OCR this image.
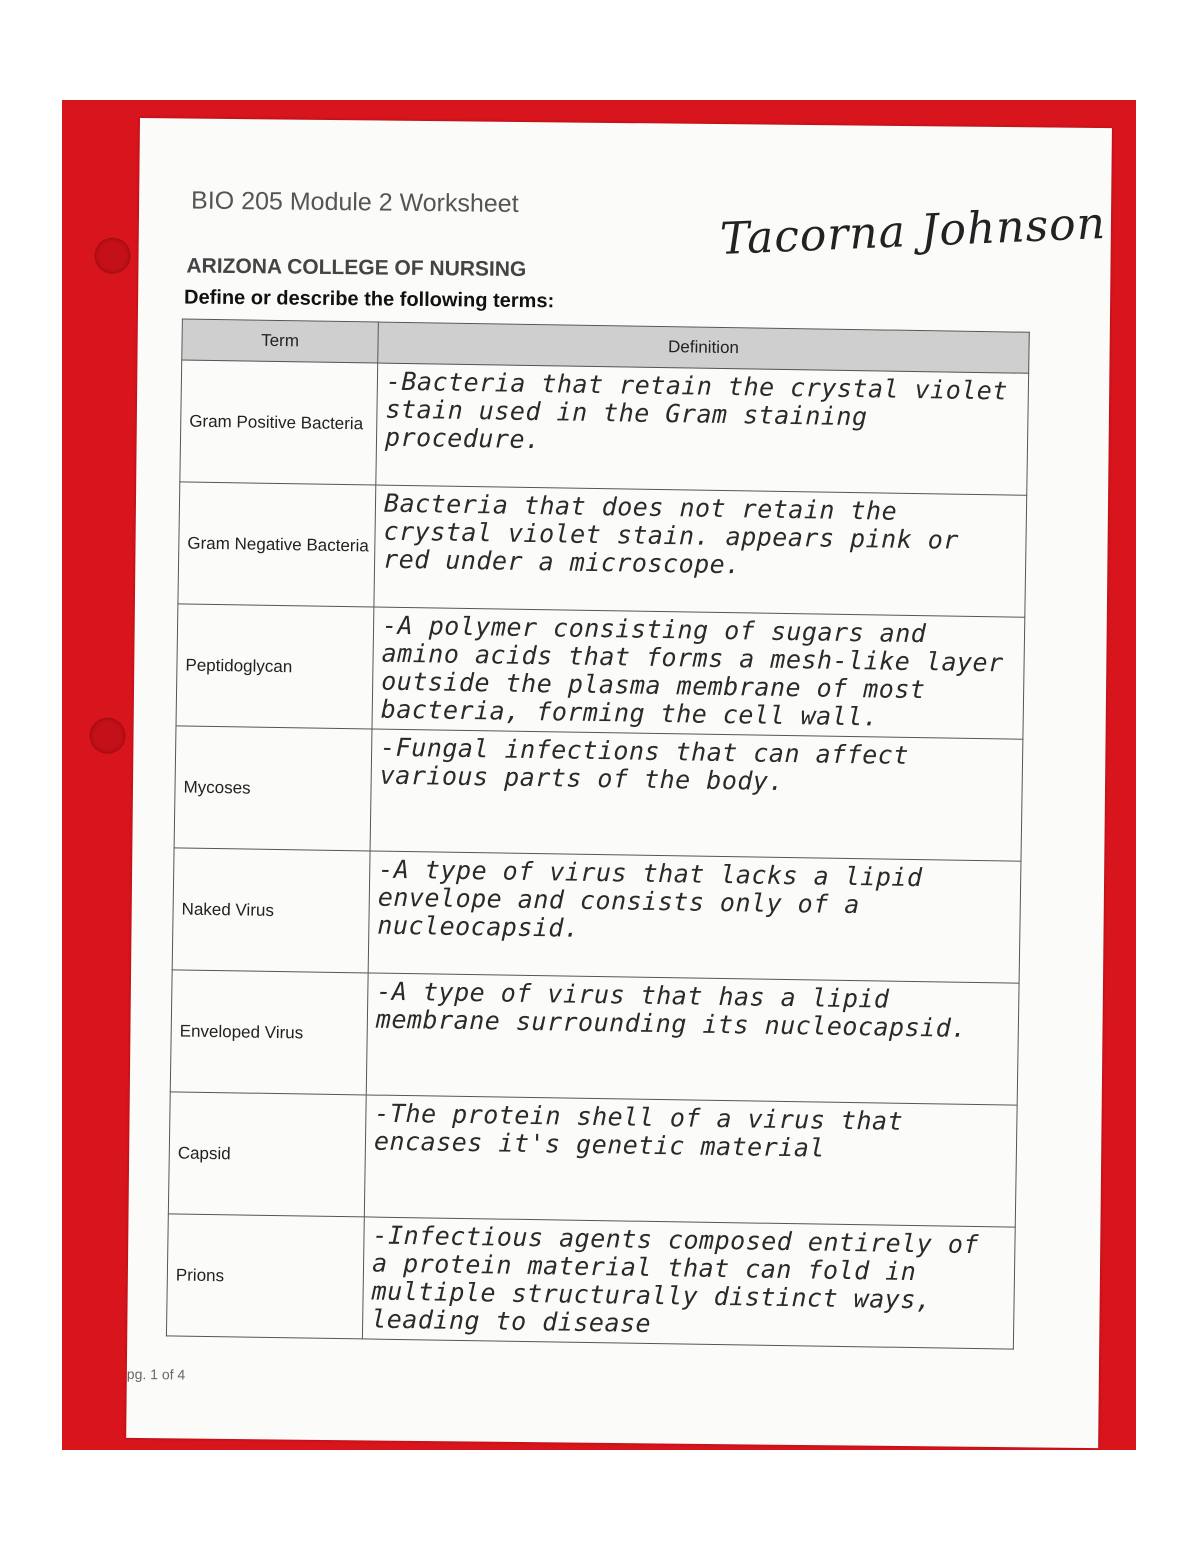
BIO 205 Module 2 Worksheet	Tacorna Johnson
ARIZONA COLLEGE OF NURSING
Define or describe the following terms:
Term	Definition
Gram Positive Bacteria	-Bacteria that retain the crystal violet stain used in the Gram staining procedure.
Gram Negative Bacteria	Bacteria that does not retain the crystal violet stain. appears pink or red under a microscope.
Peptidoglycan	-A polymer consisting of sugars and amino acids that forms a mesh-like layer outside the plasma membrane of most bacteria, forming the cell wall.
Mycoses	-Fungal infections that can affect various parts of the body.
Naked Virus	-A type of virus that lacks a lipid envelope and consists only of a nucleocapsid.
Enveloped Virus	-A type of virus that has a lipid membrane surrounding its nucleocapsid.
Capsid	-The protein shell of a virus that encases it's genetic material
Prions	-Infectious agents composed entirely of a protein material that can fold in multiple structurally distinct ways, leading to disease
pg. 1 of 4
